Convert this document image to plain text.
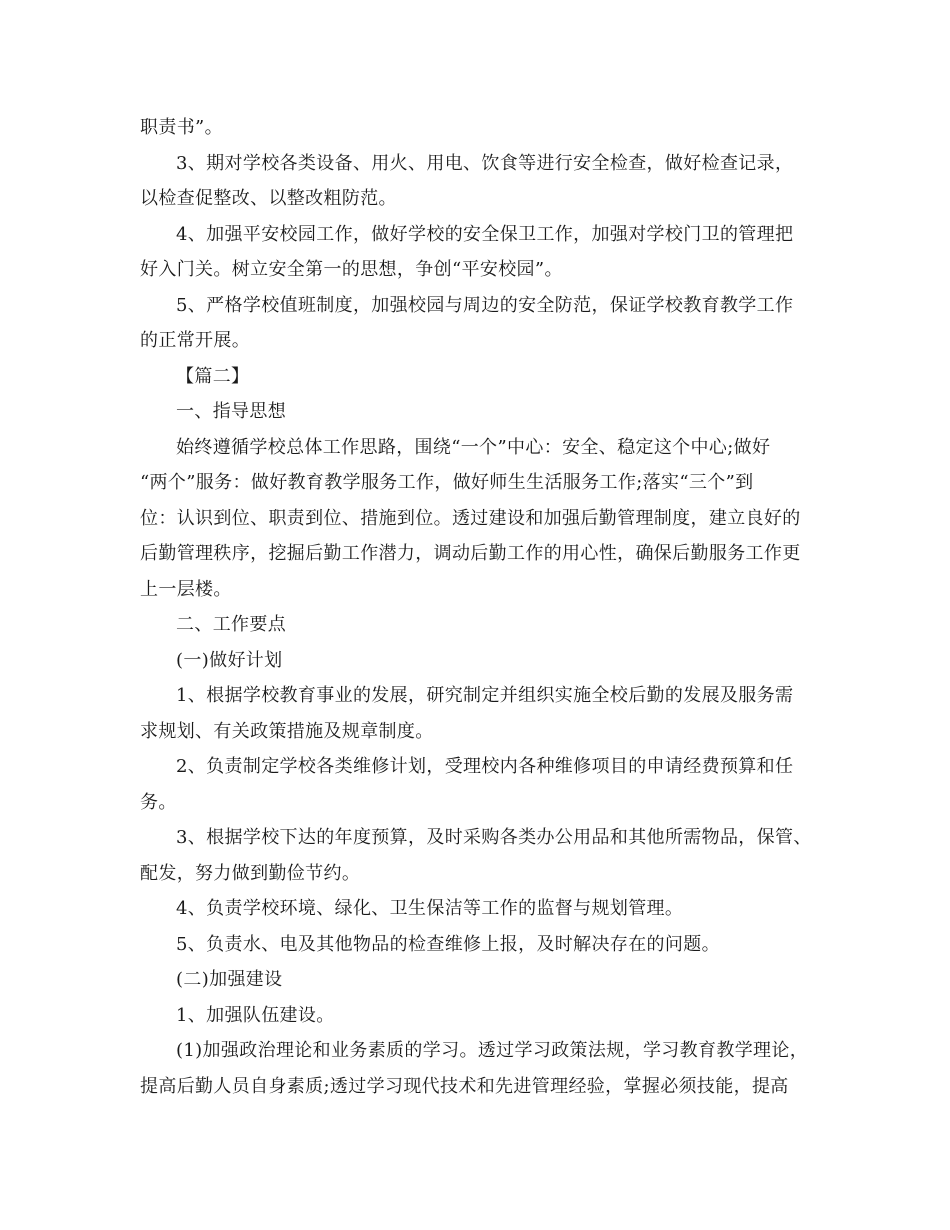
职责书”。
3、期对学校各类设备、用火、用电、饮食等进行安全检查，做好检查记录，
以检查促整改、以整改粗防范。
4、加强平安校园工作，做好学校的安全保卫工作，加强对学校门卫的管理把
好入门关。树立安全第一的思想，争创“平安校园”。
5、严格学校值班制度，加强校园与周边的安全防范，保证学校教育教学工作
的正常开展。
【篇二】
一、指导思想
始终遵循学校总体工作思路，围绕“一个”中心：安全、稳定这个中心;做好
“两个”服务：做好教育教学服务工作，做好师生生活服务工作;落实“三个”到
位：认识到位、职责到位、措施到位。透过建设和加强后勤管理制度，建立良好的
后勤管理秩序，挖掘后勤工作潜力，调动后勤工作的用心性，确保后勤服务工作更
上一层楼。
二、工作要点
(一)做好计划
1、根据学校教育事业的发展，研究制定并组织实施全校后勤的发展及服务需
求规划、有关政策措施及规章制度。
2、负责制定学校各类维修计划，受理校内各种维修项目的申请经费预算和任
务。
3、根据学校下达的年度预算，及时采购各类办公用品和其他所需物品，保管、
配发，努力做到勤俭节约。
4、负责学校环境、绿化、卫生保洁等工作的监督与规划管理。
5、负责水、电及其他物品的检查维修上报，及时解决存在的问题。
(二)加强建设
1、加强队伍建设。
(1)加强政治理论和业务素质的学习。透过学习政策法规，学习教育教学理论，
提高后勤人员自身素质;透过学习现代技术和先进管理经验，掌握必须技能，提高
